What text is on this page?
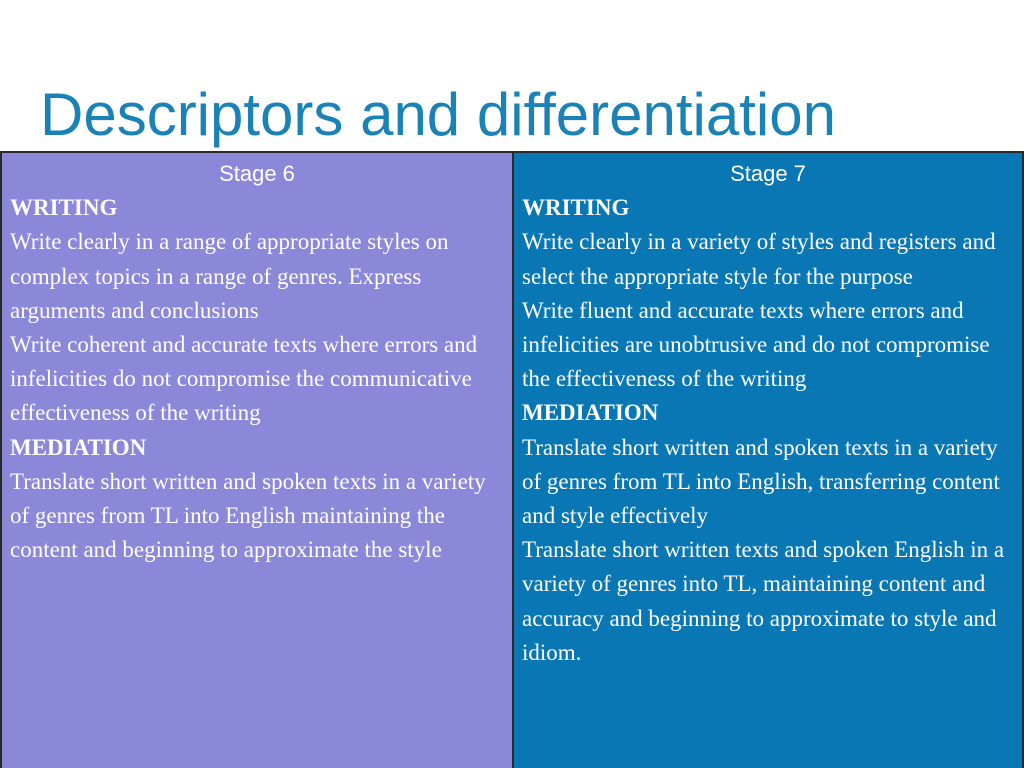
Descriptors and differentiation
Stage 6
WRITING
Write clearly in a range of appropriate styles on complex topics in a range of genres. Express arguments and conclusions
Write coherent and accurate texts where errors and infelicities do not compromise the communicative effectiveness of the writing
MEDIATION
Translate short written and spoken texts in a variety of genres from TL into English maintaining the content and beginning to approximate the style
Stage 7
WRITING
Write clearly in a variety of styles and registers and select the appropriate style for the purpose
Write fluent and accurate texts where errors and infelicities are unobtrusive and do not compromise the effectiveness of the writing
MEDIATION
Translate short written and spoken texts in a variety of genres from TL into English, transferring content and style effectively
Translate short written texts and spoken English in a variety of genres into TL, maintaining content and accuracy and beginning to approximate to style and idiom.
